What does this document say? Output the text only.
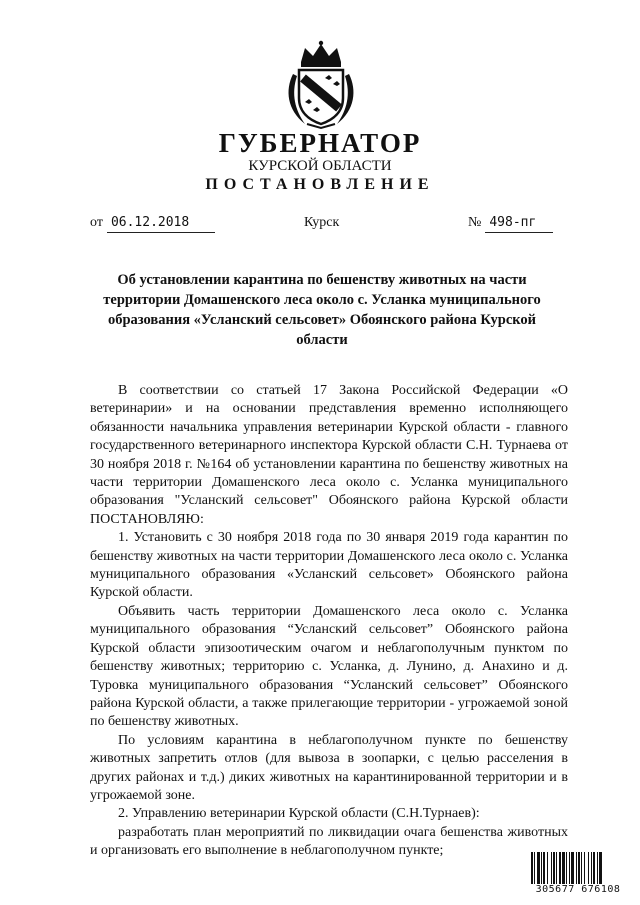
ГУБЕРНАТОР
КУРСКОЙ ОБЛАСТИ
ПОСТАНОВЛЕНИЕ
от 06.12.2018	Курск	№ 498-пг
Об установлении карантина по бешенству животных на части территории Домашенского леса около с. Усланка муниципального образования «Усланский сельсовет» Обоянского района Курской области

В соответствии со статьей 17 Закона Российской Федерации «О ветеринарии» и на основании представления временно исполняющего обязанности начальника управления ветеринарии Курской области - главного государственного ветеринарного инспектора Курской области С.Н. Турнаева от 30 ноября 2018 г. №164 об установлении карантина по бешенству животных на части территории Домашенского леса около с. Усланка муниципального образования "Усланский сельсовет" Обоянского района Курской области ПОСТАНОВЛЯЮ:

1. Установить с 30 ноября 2018 года по 30 января 2019 года карантин по бешенству животных на части территории Домашенского леса около с. Усланка муниципального образования «Усланский сельсовет» Обоянского района Курской области.

Объявить часть территории Домашенского леса около с. Усланка муниципального образования “Усланский сельсовет” Обоянского района Курской области эпизоотическим очагом и неблагополучным пунктом по бешенству животных; территорию с. Усланка, д. Лунино, д. Анахино и д. Туровка муниципального образования “Усланский сельсовет” Обоянского района Курской области, а также прилегающие территории - угрожаемой зоной по бешенству животных.

По условиям карантина в неблагополучном пункте по бешенству животных запретить отлов (для вывоза в зоопарки, с целью расселения в других районах и т.д.) диких животных на карантинированной территории и в угрожаемой зоне.

2. Управлению ветеринарии Курской области (С.Н.Турнаев):

разработать план мероприятий по ликвидации очага бешенства животных и организовать его выполнение в неблагополучном пункте;

305677 676108
